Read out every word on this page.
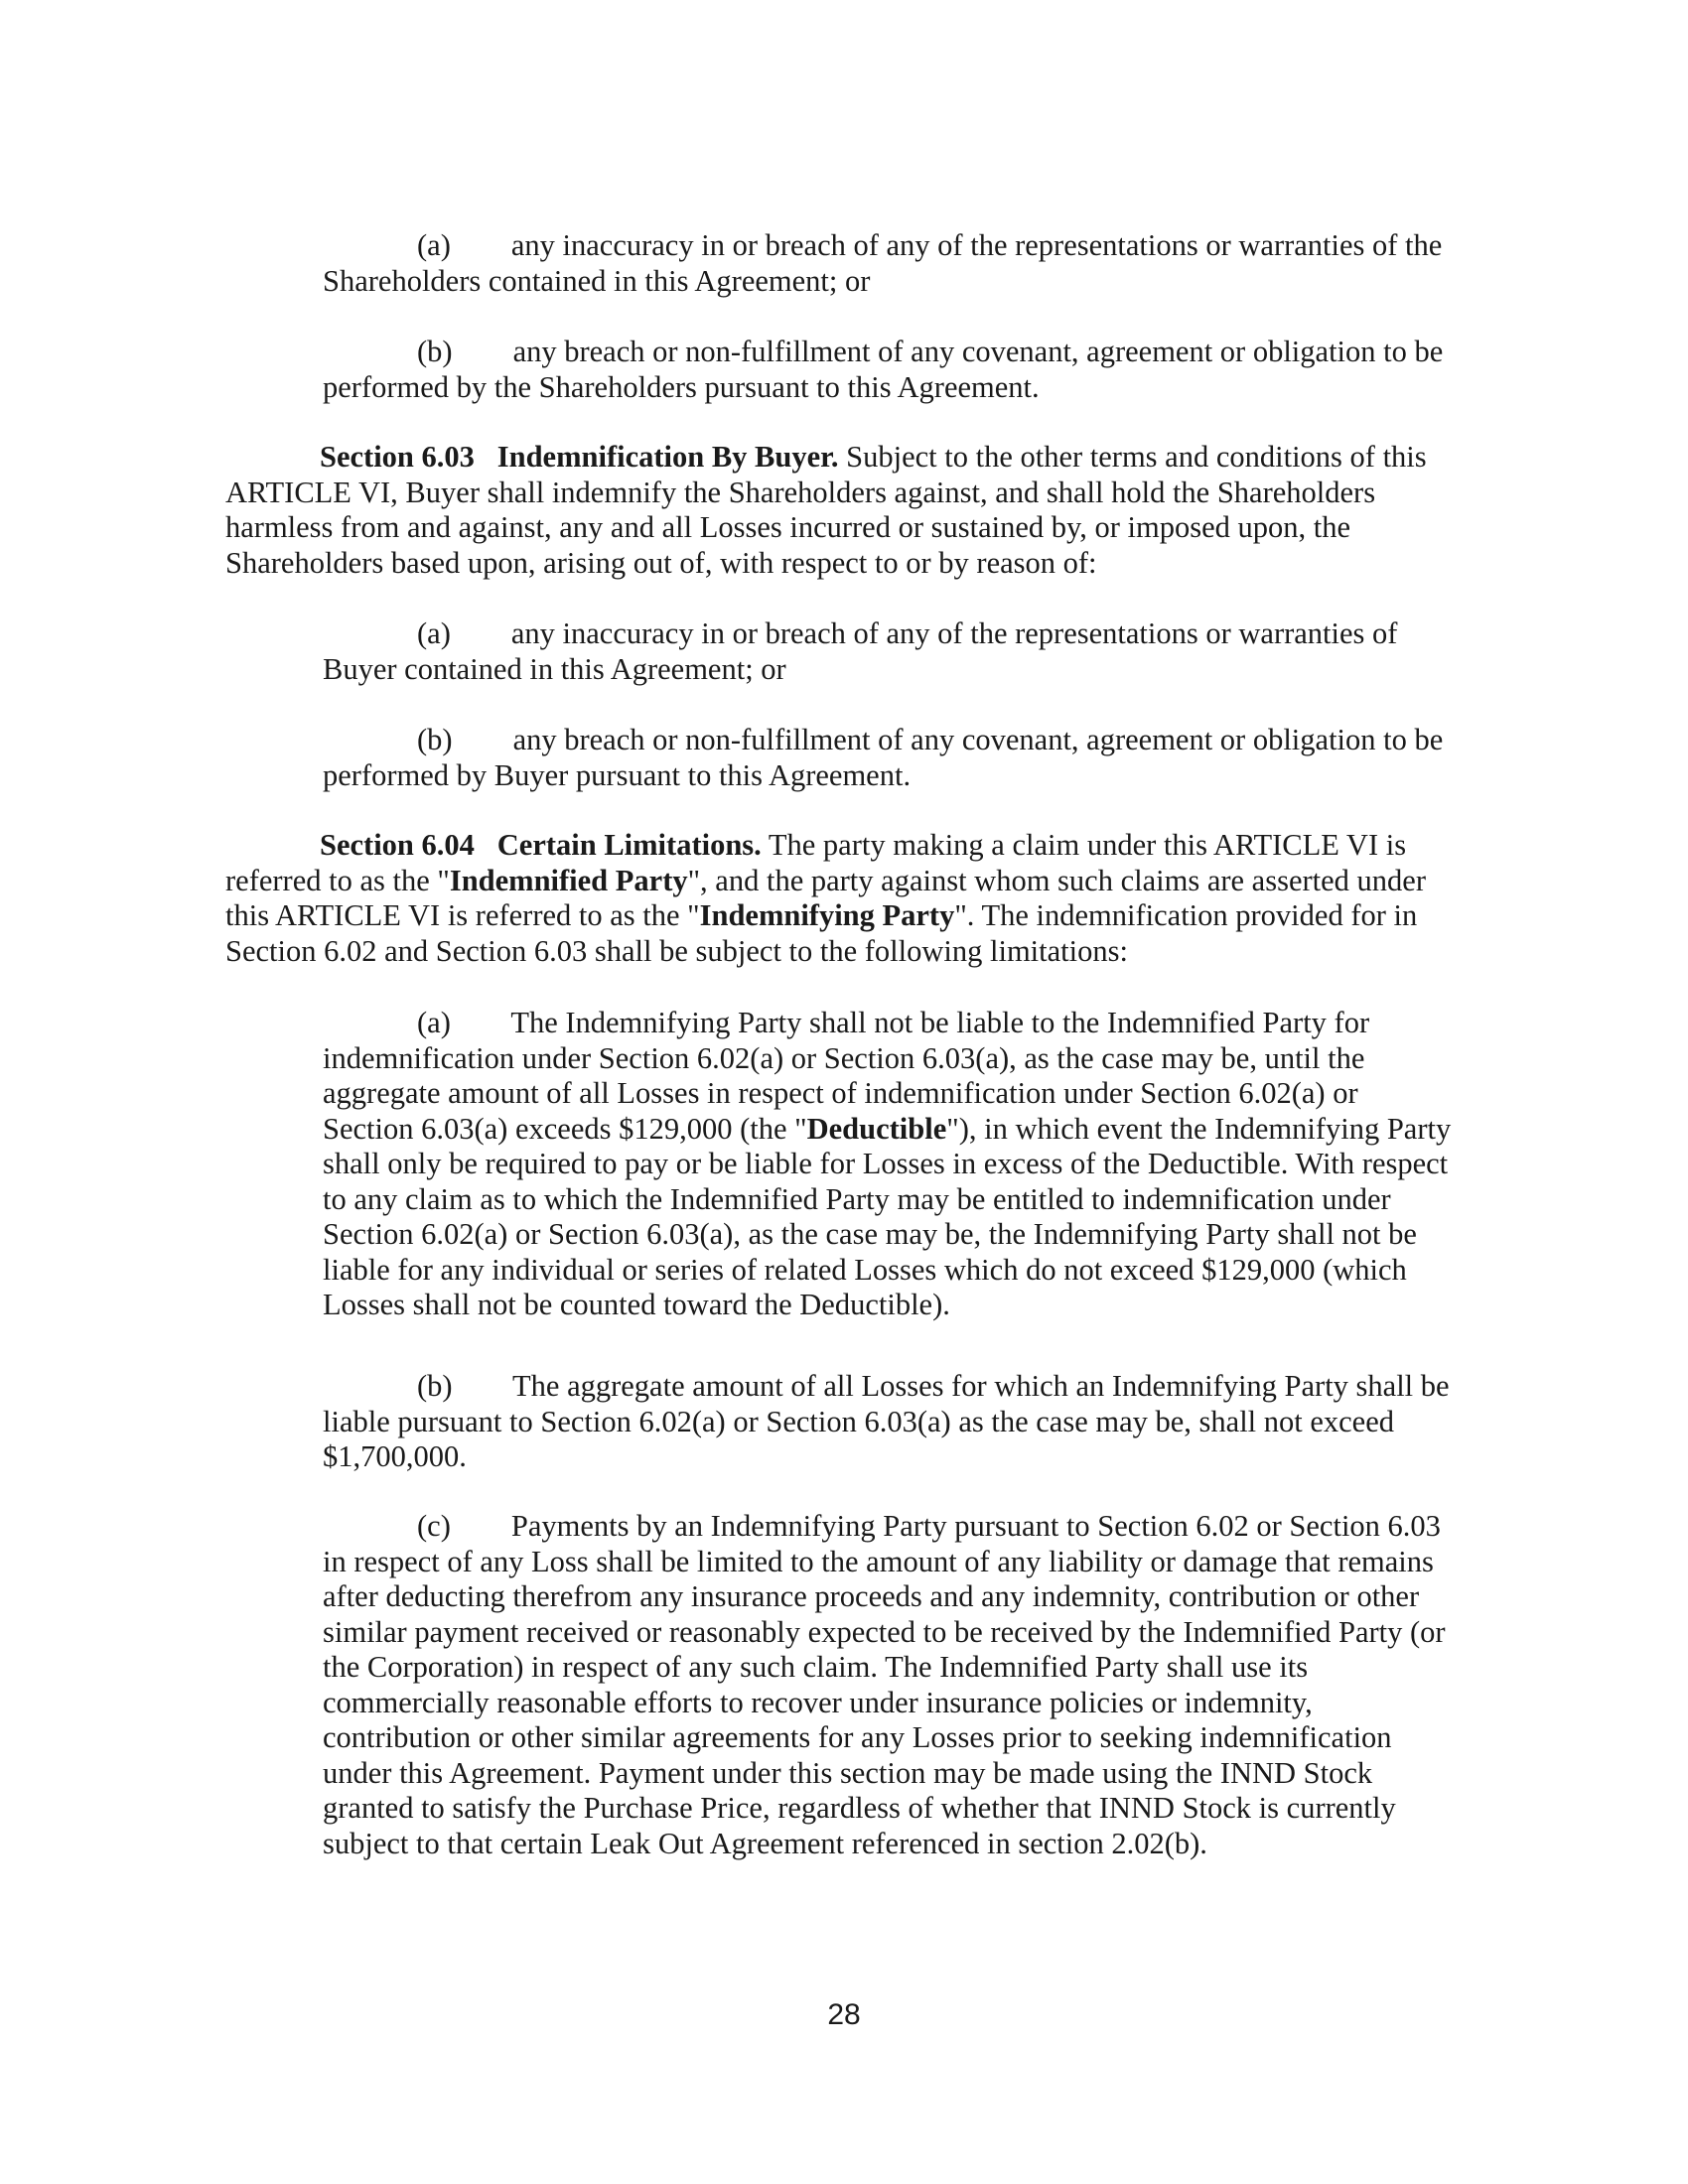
(a) any inaccuracy in or breach of any of the representations or warranties of the Shareholders contained in this Agreement; or

(b) any breach or non-fulfillment of any covenant, agreement or obligation to be performed by the Shareholders pursuant to this Agreement.

Section 6.03 Indemnification By Buyer. Subject to the other terms and conditions of this ARTICLE VI, Buyer shall indemnify the Shareholders against, and shall hold the Shareholders harmless from and against, any and all Losses incurred or sustained by, or imposed upon, the Shareholders based upon, arising out of, with respect to or by reason of:

(a) any inaccuracy in or breach of any of the representations or warranties of Buyer contained in this Agreement; or

(b) any breach or non-fulfillment of any covenant, agreement or obligation to be performed by Buyer pursuant to this Agreement.

Section 6.04 Certain Limitations. The party making a claim under this ARTICLE VI is referred to as the "Indemnified Party", and the party against whom such claims are asserted under this ARTICLE VI is referred to as the "Indemnifying Party". The indemnification provided for in Section 6.02 and Section 6.03 shall be subject to the following limitations:

(a) The Indemnifying Party shall not be liable to the Indemnified Party for indemnification under Section 6.02(a) or Section 6.03(a), as the case may be, until the aggregate amount of all Losses in respect of indemnification under Section 6.02(a) or Section 6.03(a) exceeds $129,000 (the "Deductible"), in which event the Indemnifying Party shall only be required to pay or be liable for Losses in excess of the Deductible. With respect to any claim as to which the Indemnified Party may be entitled to indemnification under Section 6.02(a) or Section 6.03(a), as the case may be, the Indemnifying Party shall not be liable for any individual or series of related Losses which do not exceed $129,000 (which Losses shall not be counted toward the Deductible).

(b) The aggregate amount of all Losses for which an Indemnifying Party shall be liable pursuant to Section 6.02(a) or Section 6.03(a) as the case may be, shall not exceed $1,700,000.

(c) Payments by an Indemnifying Party pursuant to Section 6.02 or Section 6.03 in respect of any Loss shall be limited to the amount of any liability or damage that remains after deducting therefrom any insurance proceeds and any indemnity, contribution or other similar payment received or reasonably expected to be received by the Indemnified Party (or the Corporation) in respect of any such claim. The Indemnified Party shall use its commercially reasonable efforts to recover under insurance policies or indemnity, contribution or other similar agreements for any Losses prior to seeking indemnification under this Agreement. Payment under this section may be made using the INND Stock granted to satisfy the Purchase Price, regardless of whether that INND Stock is currently subject to that certain Leak Out Agreement referenced in section 2.02(b).

28
